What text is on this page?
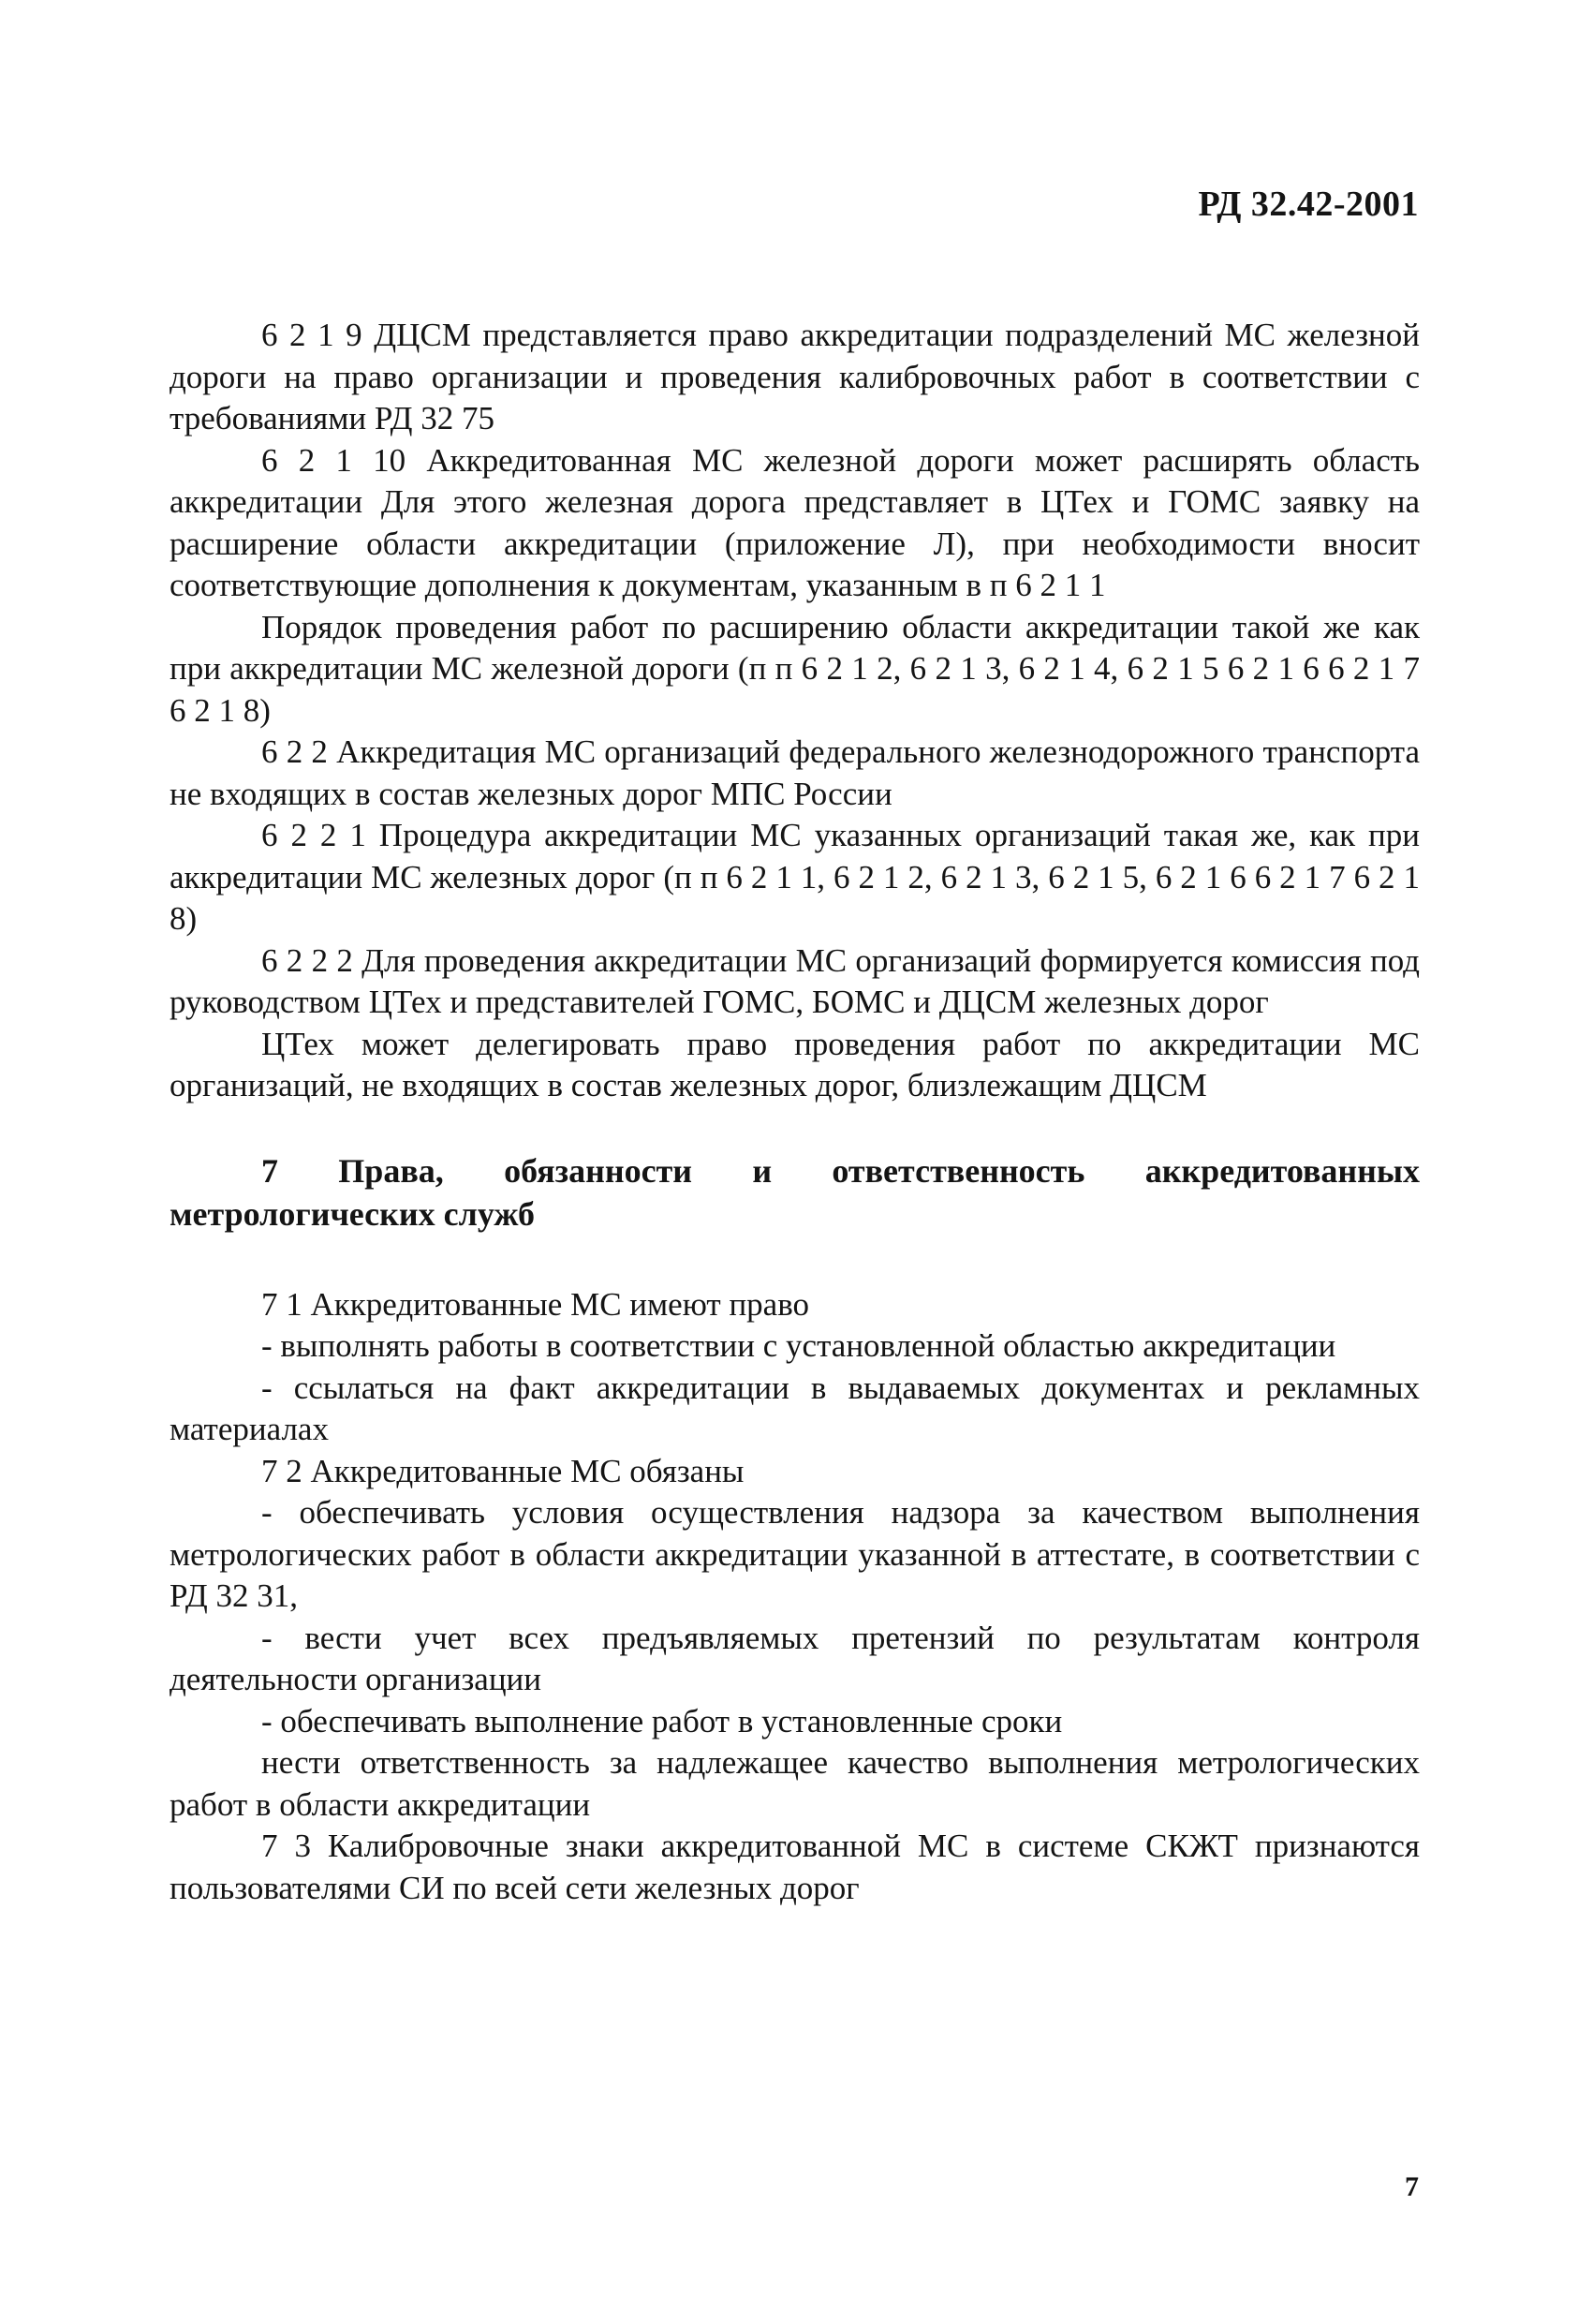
РД 32.42-2001

6 2 1 9 ДЦСМ представляется право аккредитации подразделений МС железной дороги на право организации и проведения калибровочных работ в соответствии с требованиями РД 32 75

6 2 1 10 Аккредитованная МС железной дороги может расширять область аккредитации Для этого железная дорога представляет в ЦТех и ГОМС заявку на расширение области аккредитации (приложение Л), при необходимости вносит соответствующие дополнения к документам, указанным в п 6 2 1 1

Порядок проведения работ по расширению области аккредитации такой же как при аккредитации МС железной дороги (п п 6 2 1 2, 6 2 1 3, 6 2 1 4, 6 2 1 5 6 2 1 6 6 2 1 7 6 2 1 8)

6 2 2 Аккредитация МС организаций федерального железнодорожного транспорта не входящих в состав железных дорог МПС России

6 2 2 1 Процедура аккредитации МС указанных организаций такая же, как при аккредитации МС железных дорог (п п 6 2 1 1, 6 2 1 2, 6 2 1 3, 6 2 1 5, 6 2 1 6 6 2 1 7 6 2 1 8)

6 2 2 2 Для проведения аккредитации МС организаций формируется комиссия под руководством ЦТех и представителей ГОМС, БОМС и ДЦСМ железных дорог

ЦТех может делегировать право проведения работ по аккредитации МС организаций, не входящих в состав железных дорог, близлежащим ДЦСМ

7 Права, обязанности и ответственность аккредитованных метрологических служб

7 1 Аккредитованные МС имеют право

- выполнять работы в соответствии с установленной областью аккредитации

- ссылаться на факт аккредитации в выдаваемых документах и рекламных материалах

7 2 Аккредитованные МС обязаны

- обеспечивать условия осуществления надзора за качеством выполнения метрологических работ в области аккредитации указанной в аттестате, в соответствии с РД 32 31,

- вести учет всех предъявляемых претензий по результатам контроля деятельности организации

- обеспечивать выполнение работ в установленные сроки

нести ответственность за надлежащее качество выполнения метрологических работ в области аккредитации

7 3 Калибровочные знаки аккредитованной МС в системе СКЖТ признаются пользователями СИ по всей сети железных дорог

7
